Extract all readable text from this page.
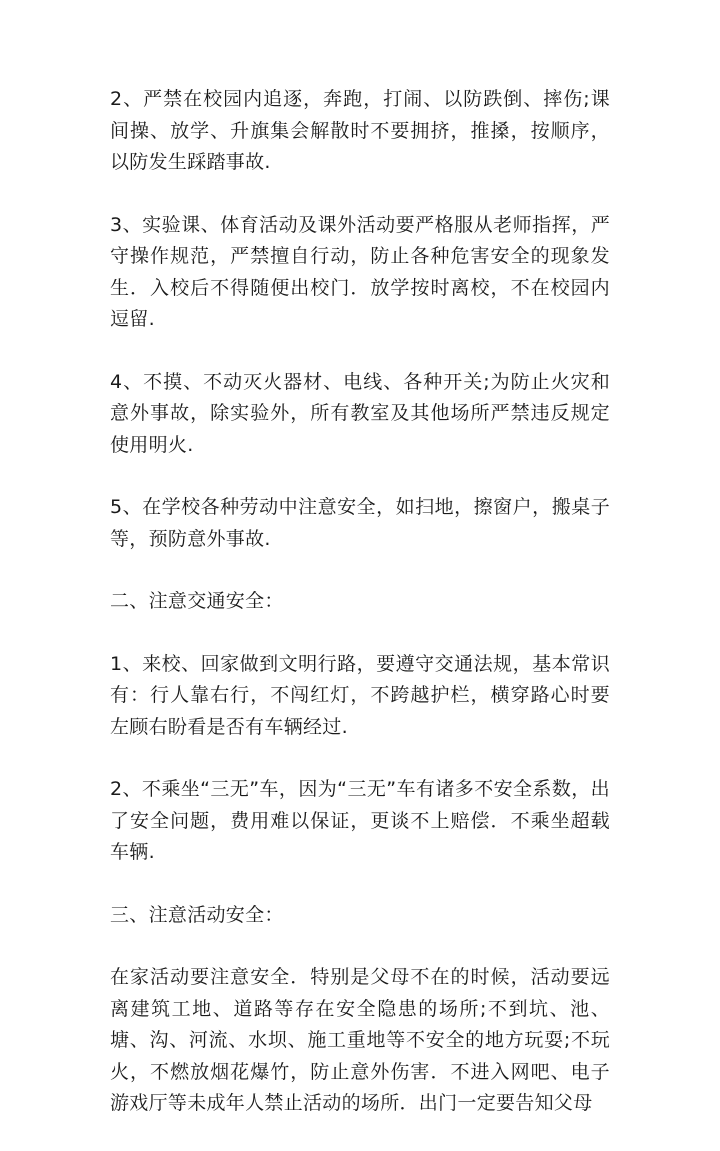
2、严禁在校园内追逐，奔跑，打闹、以防跌倒、摔伤;课间操、放学、升旗集会解散时不要拥挤，推搡，按顺序，以防发生踩踏事故.

3、实验课、体育活动及课外活动要严格服从老师指挥，严守操作规范，严禁擅自行动，防止各种危害安全的现象发生．入校后不得随便出校门．放学按时离校，不在校园内逗留.

4、不摸、不动灭火器材、电线、各种开关;为防止火灾和意外事故，除实验外，所有教室及其他场所严禁违反规定使用明火.

5、在学校各种劳动中注意安全，如扫地，擦窗户，搬桌子等，预防意外事故.

二、注意交通安全：

1、来校、回家做到文明行路，要遵守交通法规，基本常识有：行人靠右行，不闯红灯，不跨越护栏，横穿路心时要左顾右盼看是否有车辆经过.

2、不乘坐“三无”车，因为“三无”车有诸多不安全系数，出了安全问题，费用难以保证，更谈不上赔偿．不乘坐超载车辆.

三、注意活动安全：

在家活动要注意安全．特别是父母不在的时候，活动要远离建筑工地、道路等存在安全隐患的场所;不到坑、池、塘、沟、河流、水坝、施工重地等不安全的地方玩耍;不玩火，不燃放烟花爆竹，防止意外伤害．不进入网吧、电子游戏厅等未成年人禁止活动的场所．出门一定要告知父母
